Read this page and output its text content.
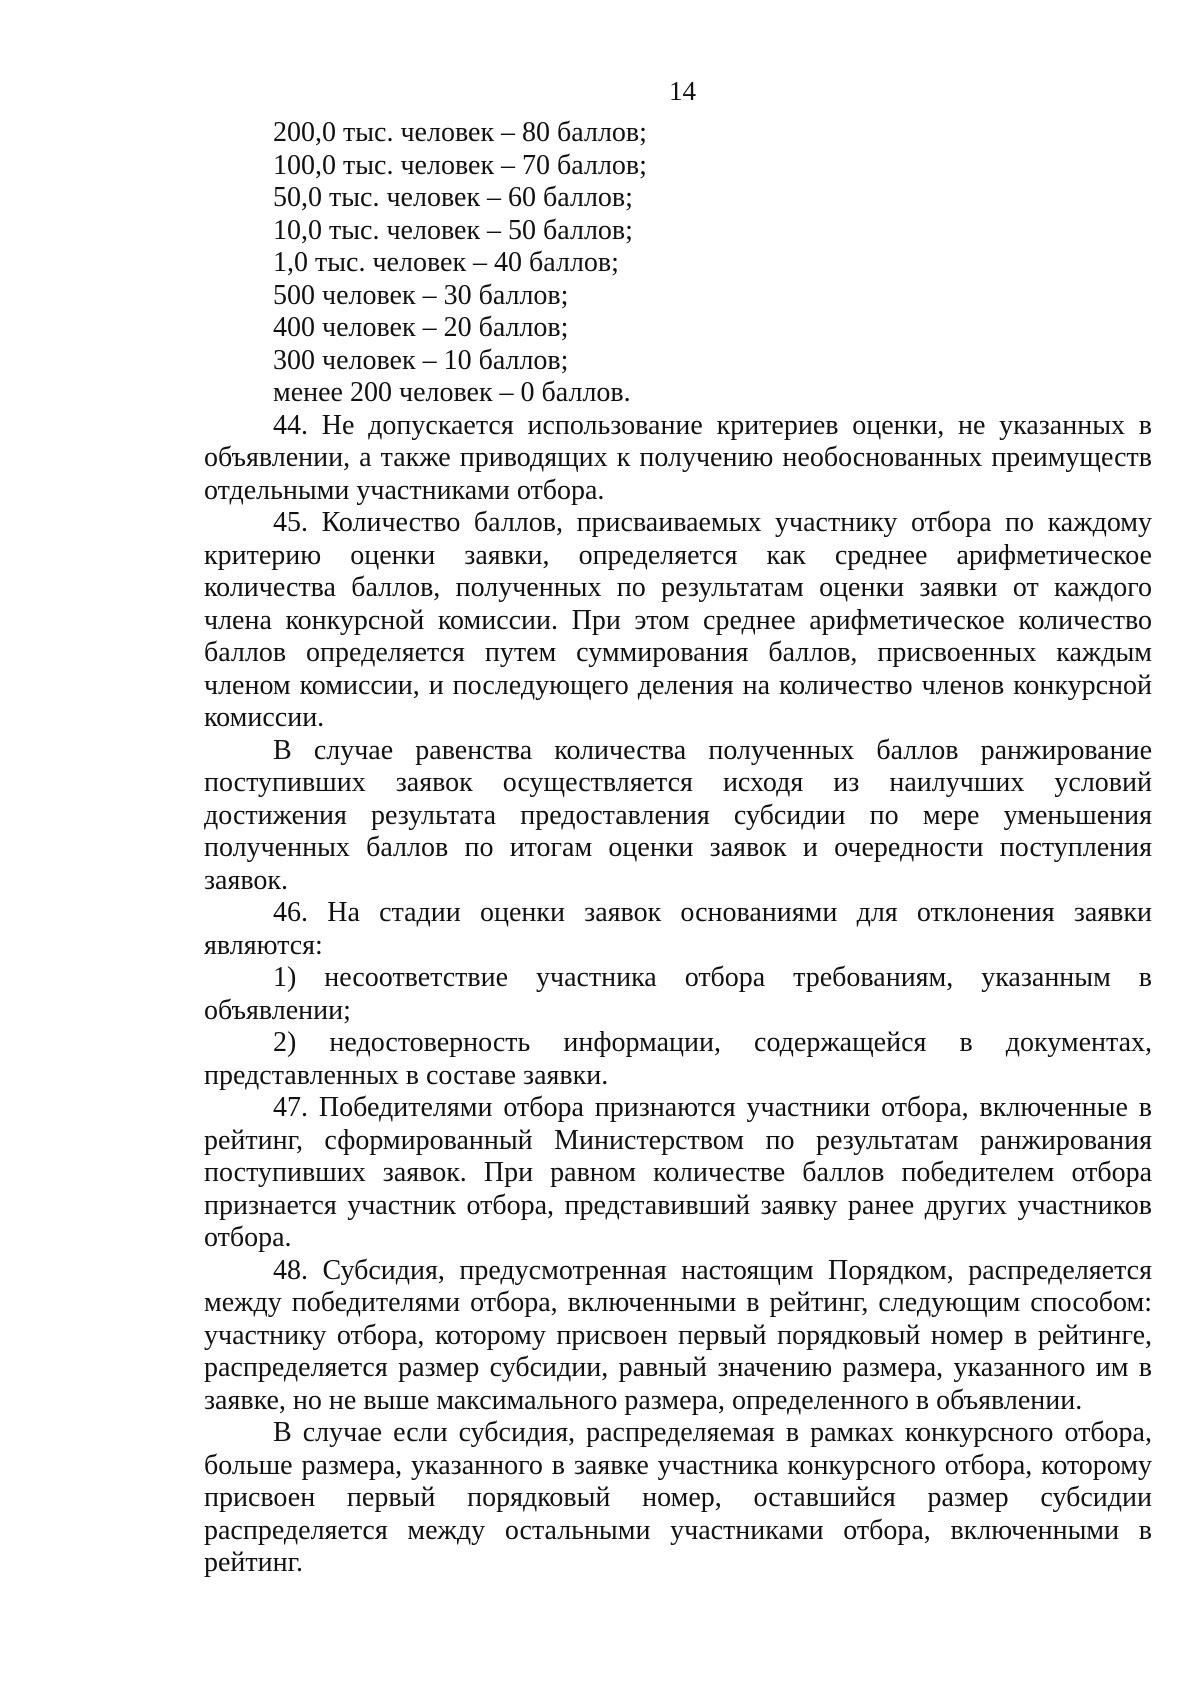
14

200,0 тыс. человек – 80 баллов;

100,0 тыс. человек – 70 баллов;

50,0 тыс. человек – 60 баллов;

10,0 тыс. человек – 50 баллов;

1,0 тыс. человек – 40 баллов;

500 человек – 30 баллов;

400 человек – 20 баллов;

300 человек – 10 баллов;

менее 200 человек – 0 баллов.

44. Не допускается использование критериев оценки, не указанных в объявлении, а также приводящих к получению необоснованных преимуществ отдельными участниками отбора.

45. Количество баллов, присваиваемых участнику отбора по каждому критерию оценки заявки, определяется как среднее арифметическое количества баллов, полученных по результатам оценки заявки от каждого члена конкурсной комиссии. При этом среднее арифметическое количество баллов определяется путем суммирования баллов, присвоенных каждым членом комиссии, и последующего деления на количество членов конкурсной комиссии.

В случае равенства количества полученных баллов ранжирование поступивших заявок осуществляется исходя из наилучших условий достижения результата предоставления субсидии по мере уменьшения полученных баллов по итогам оценки заявок и очередности поступления заявок.

46. На стадии оценки заявок основаниями для отклонения заявки являются:

1) несоответствие участника отбора требованиям, указанным в объявлении;

2) недостоверность информации, содержащейся в документах, представленных в составе заявки.

47. Победителями отбора признаются участники отбора, включенные в рейтинг, сформированный Министерством по результатам ранжирования поступивших заявок. При равном количестве баллов победителем отбора признается участник отбора, представивший заявку ранее других участников отбора.

48. Субсидия, предусмотренная настоящим Порядком, распределяется между победителями отбора, включенными в рейтинг, следующим способом: участнику отбора, которому присвоен первый порядковый номер в рейтинге, распределяется размер субсидии, равный значению размера, указанного им в заявке, но не выше максимального размера, определенного в объявлении.

В случае если субсидия, распределяемая в рамках конкурсного отбора, больше размера, указанного в заявке участника конкурсного отбора, которому присвоен первый порядковый номер, оставшийся размер субсидии распределяется между остальными участниками отбора, включенными в рейтинг.
